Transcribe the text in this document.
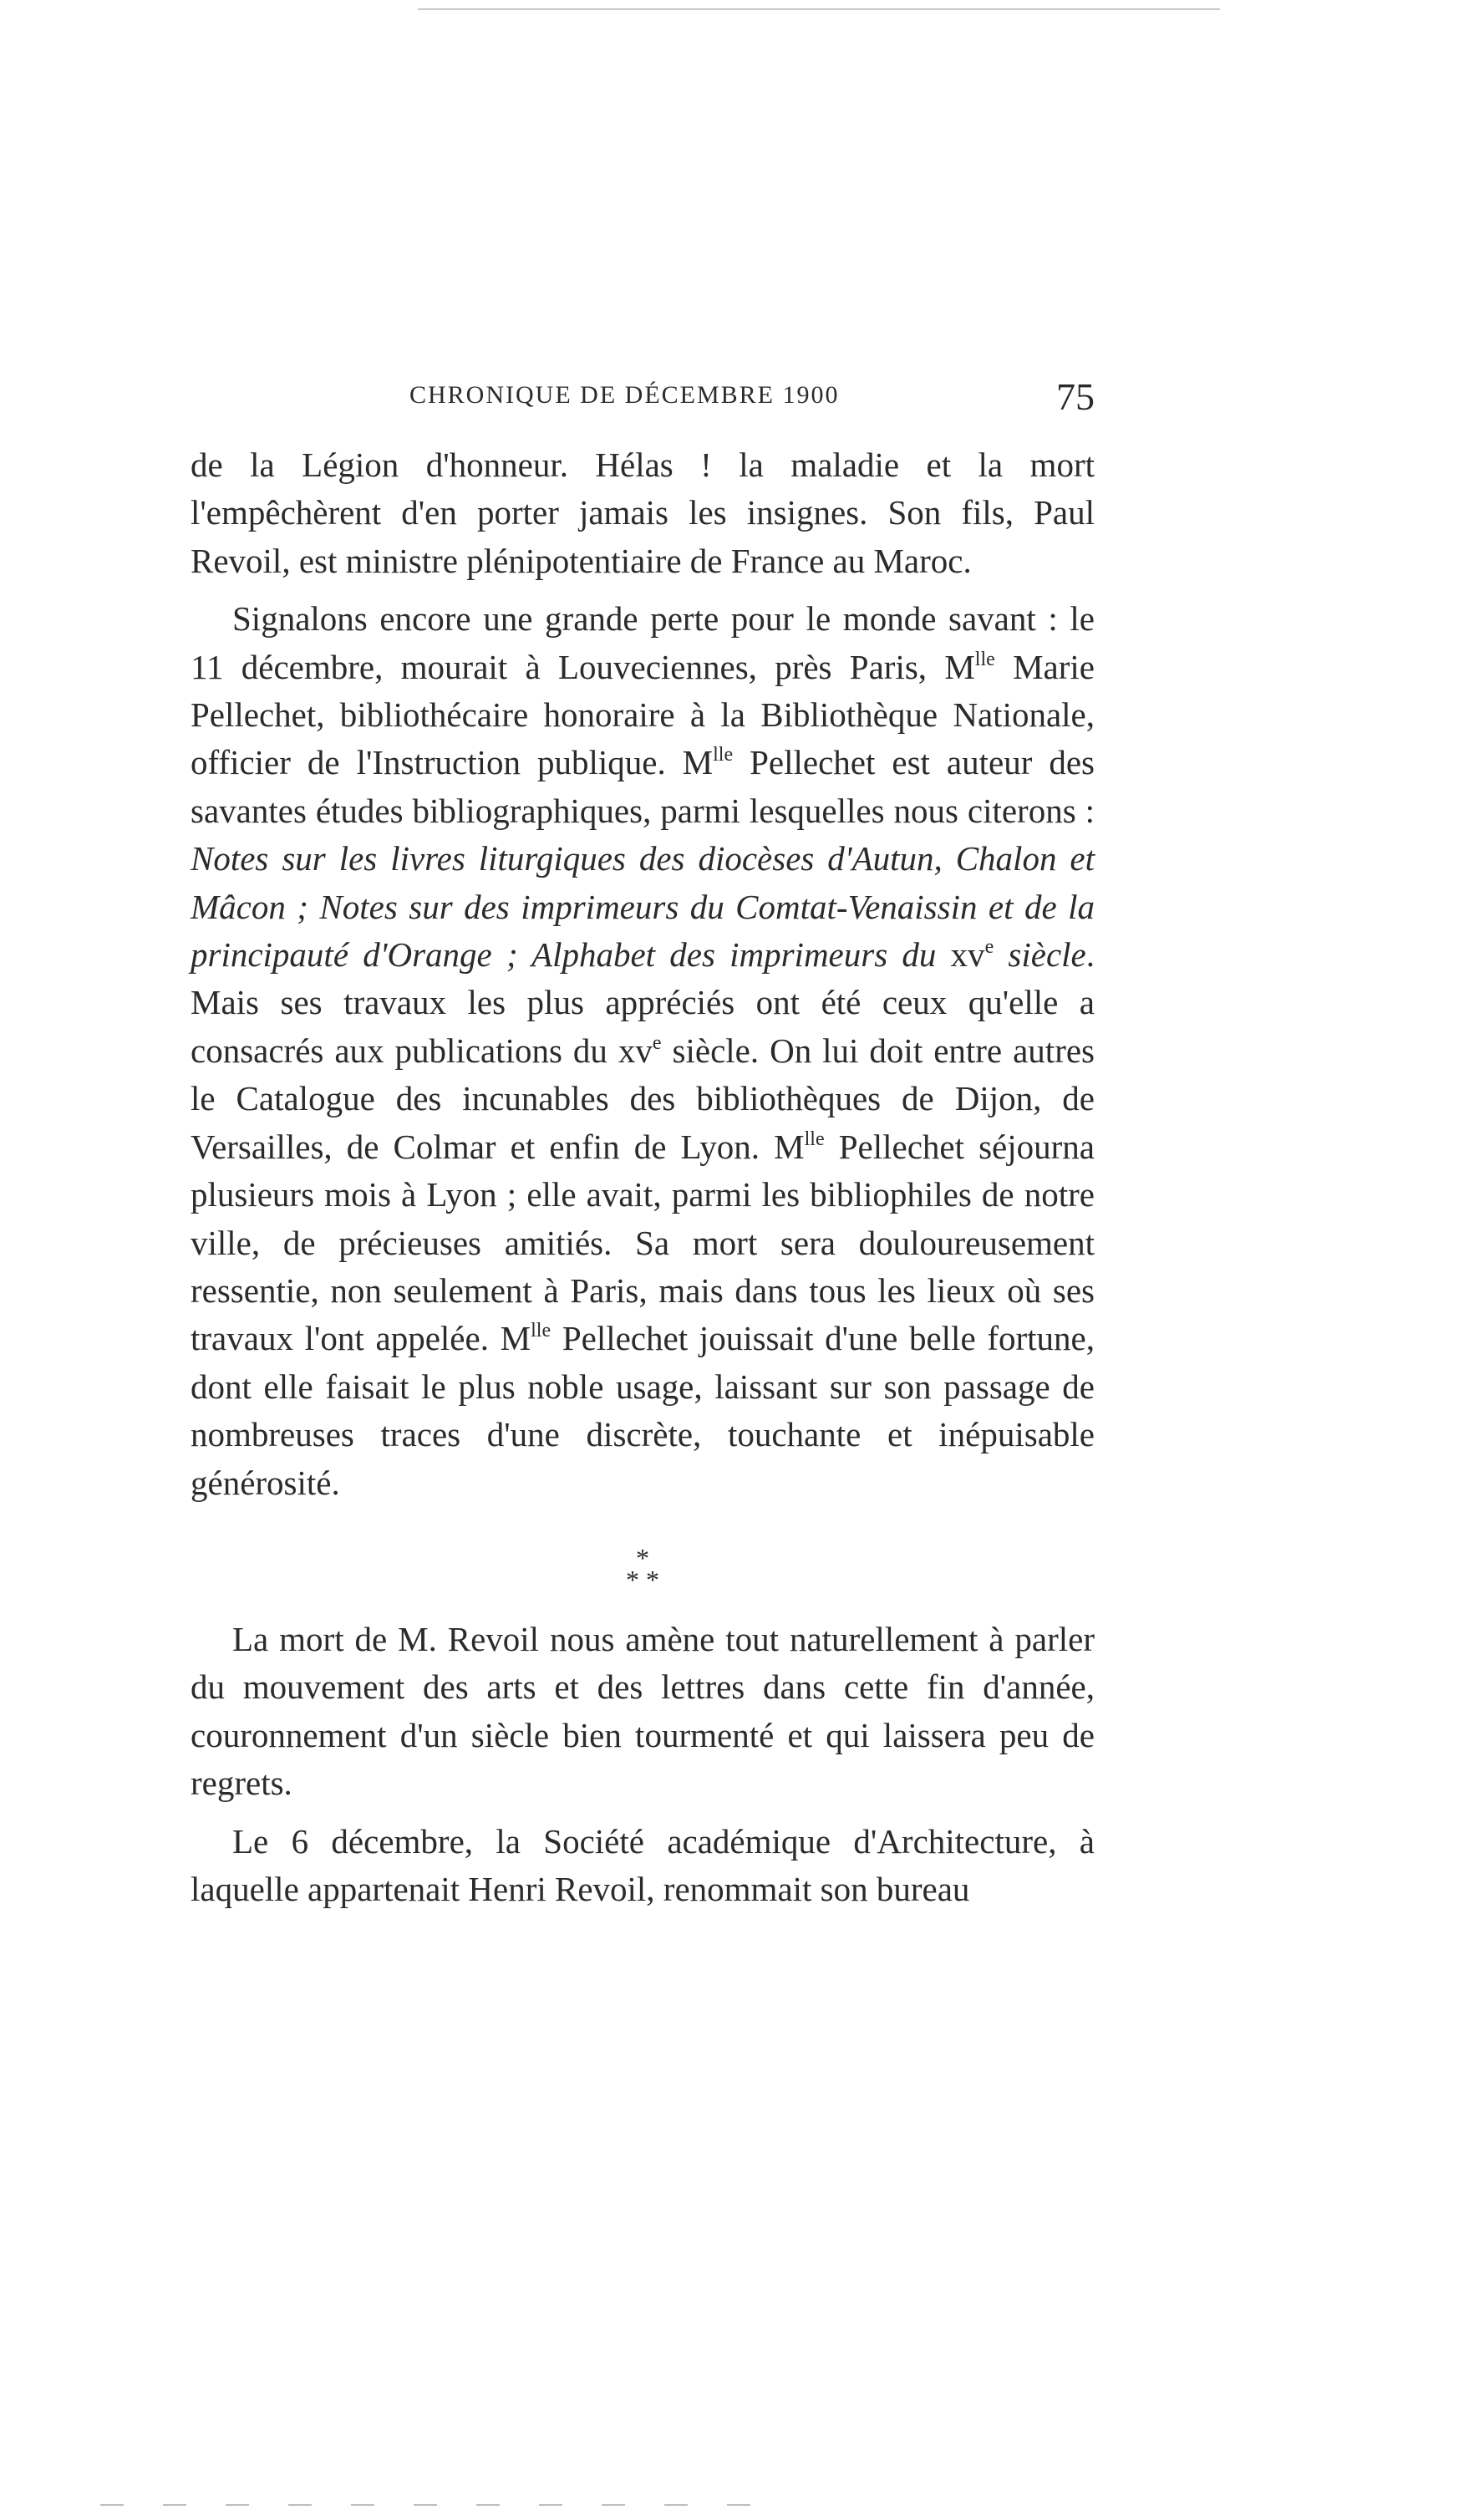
CHRONIQUE DE DÉCEMBRE 1900	75

de la Légion d'honneur. Hélas ! la maladie et la mort l'empêchèrent d'en porter jamais les insignes. Son fils, Paul Revoil, est ministre plénipotentiaire de France au Maroc.

Signalons encore une grande perte pour le monde savant : le 11 décembre, mourait à Louveciennes, près Paris, $M^{lle}$ Marie Pellechet, bibliothécaire honoraire à la Bibliothèque Nationale, officier de l'Instruction publique. $M^{lle}$ Pellechet est auteur des savantes études bibliographiques, parmi lesquelles nous citerons : Notes sur les livres liturgiques des diocèses d'Autun, Chalon et Mâcon ; Notes sur des imprimeurs du Comtat-Venaissin et de la principauté d'Orange ; Alphabet des imprimeurs du $xv^e$ siècle. Mais ses travaux les plus appréciés ont été ceux qu'elle a consacrés aux publications du $xv^e$ siècle. On lui doit entre autres le Catalogue des incunables des bibliothèques de Dijon, de Versailles, de Colmar et enfin de Lyon. $M^{lle}$ Pellechet séjourna plusieurs mois à Lyon ; elle avait, parmi les bibliophiles de notre ville, de précieuses amitiés. Sa mort sera douloureusement ressentie, non seulement à Paris, mais dans tous les lieux où ses travaux l'ont appelée. $M^{lle}$ Pellechet jouissait d'une belle fortune, dont elle faisait le plus noble usage, laissant sur son passage de nombreuses traces d'une discrète, touchante et inépuisable générosité.

*
* *

La mort de M. Revoil nous amène tout naturellement à parler du mouvement des arts et des lettres dans cette fin d'année, couronnement d'un siècle bien tourmenté et qui laissera peu de regrets.

Le 6 décembre, la Société académique d'Architecture, à laquelle appartenait Henri Revoil, renommait son bureau
